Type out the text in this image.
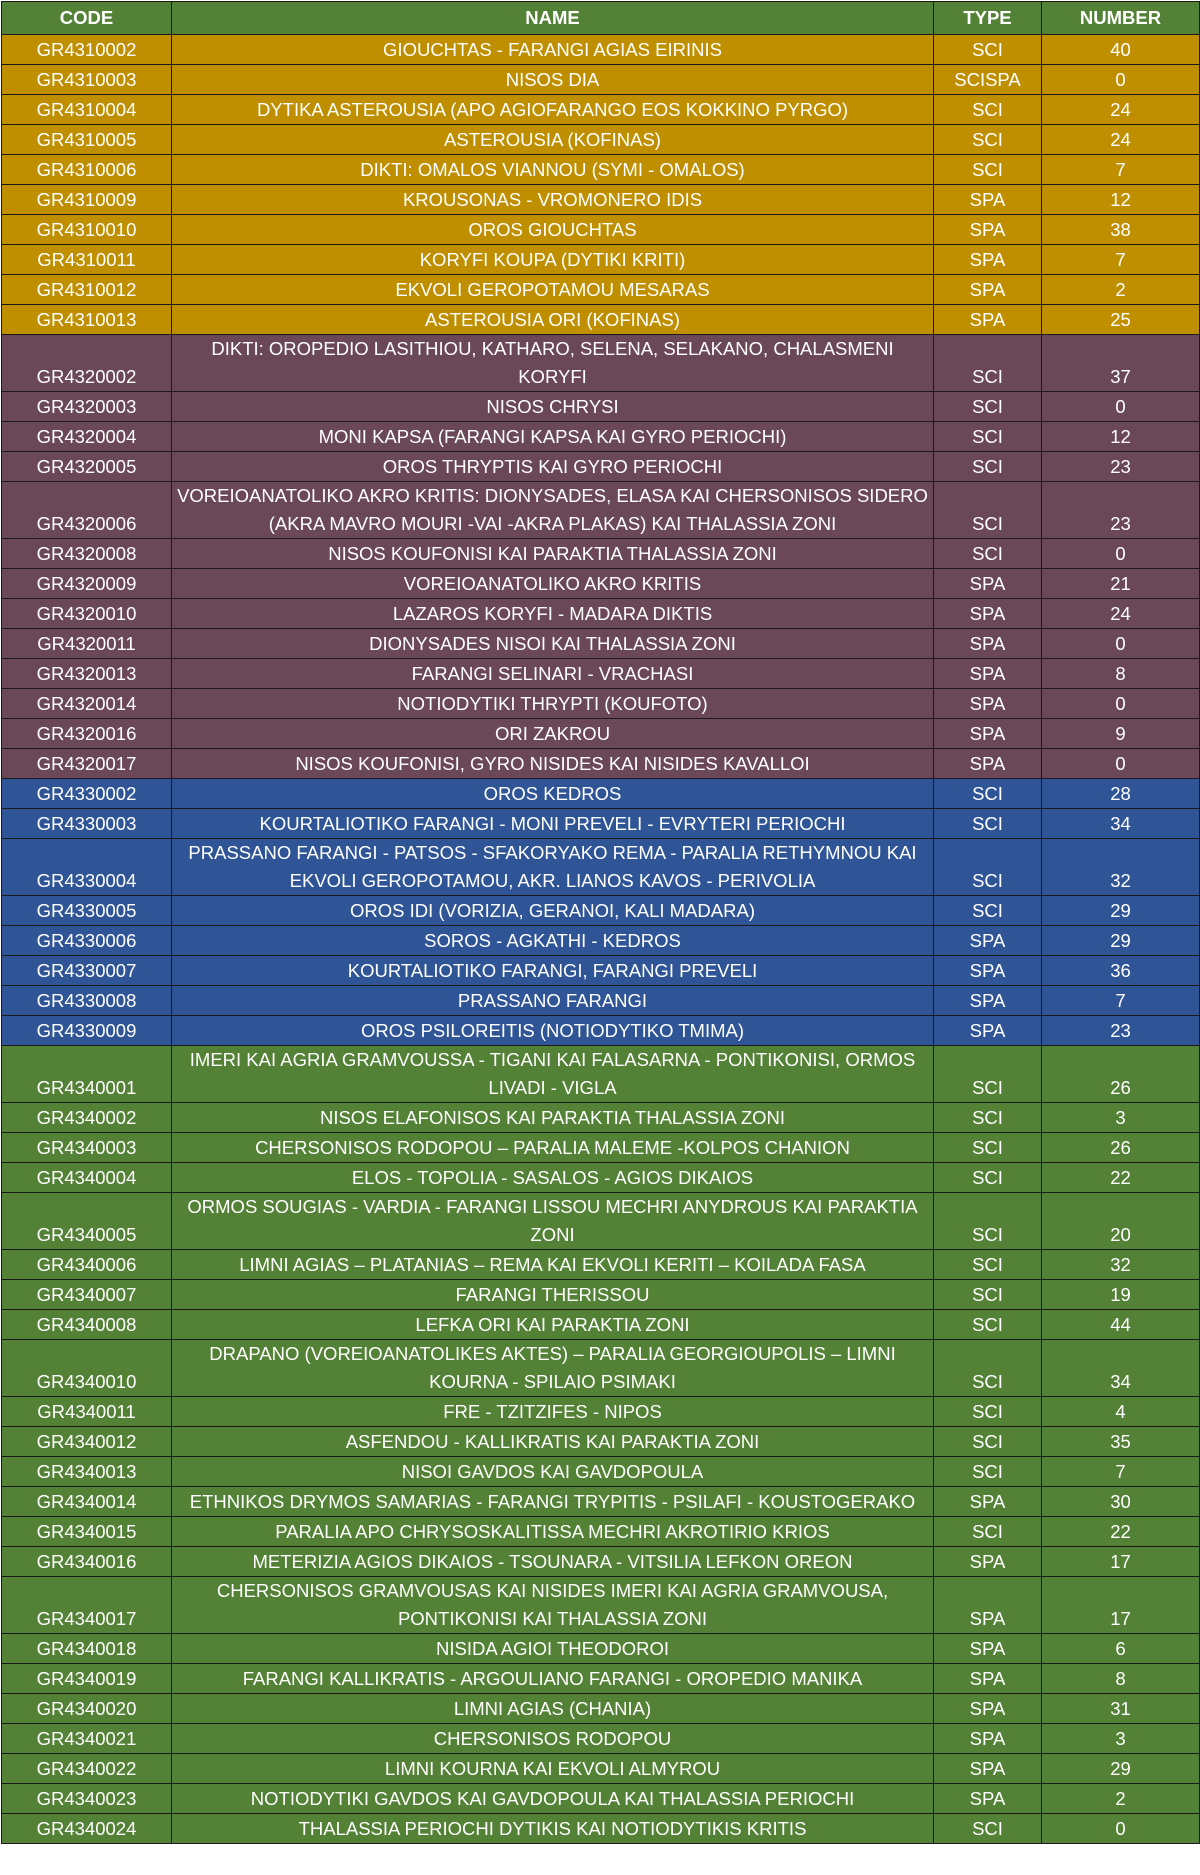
CODE	NAME	TYPE	NUMBER
GR4310002	GIOUCHTAS - FARANGI AGIAS EIRINIS	SCI	40
GR4310003	NISOS DIA	SCISPA	0
GR4310004	DYTIKA ASTEROUSIA (APO AGIOFARANGO EOS KOKKINO PYRGO)	SCI	24
GR4310005	ASTEROUSIA (KOFINAS)	SCI	24
GR4310006	DIKTI: OMALOS VIANNOU (SYMI - OMALOS)	SCI	7
GR4310009	KROUSONAS - VROMONERO IDIS	SPA	12
GR4310010	OROS GIOUCHTAS	SPA	38
GR4310011	KORYFI KOUPA (DYTIKI KRITI)	SPA	7
GR4310012	EKVOLI GEROPOTAMOU MESARAS	SPA	2
GR4310013	ASTEROUSIA ORI (KOFINAS)	SPA	25
GR4320002	DIKTI: OROPEDIO LASITHIOU, KATHARO, SELENA, SELAKANO, CHALASMENI KORYFI	SCI	37
GR4320003	NISOS CHRYSI	SCI	0
GR4320004	MONI KAPSA (FARANGI KAPSA KAI GYRO PERIOCHI)	SCI	12
GR4320005	OROS THRYPTIS KAI GYRO PERIOCHI	SCI	23
GR4320006	VOREIOANATOLIKO AKRO KRITIS: DIONYSADES, ELASA KAI CHERSONISOS SIDERO (AKRA MAVRO MOURI -VAI -AKRA PLAKAS) KAI THALASSIA ZONI	SCI	23
GR4320008	NISOS KOUFONISI KAI PARAKTIA THALASSIA ZONI	SCI	0
GR4320009	VOREIOANATOLIKO AKRO KRITIS	SPA	21
GR4320010	LAZAROS KORYFI - MADARA DIKTIS	SPA	24
GR4320011	DIONYSADES NISOI KAI THALASSIA ZONI	SPA	0
GR4320013	FARANGI SELINARI - VRACHASI	SPA	8
GR4320014	NOTIODYTIKI THRYPTI (KOUFOTO)	SPA	0
GR4320016	ORI ZAKROU	SPA	9
GR4320017	NISOS KOUFONISI, GYRO NISIDES KAI NISIDES KAVALLOI	SPA	0
GR4330002	OROS KEDROS	SCI	28
GR4330003	KOURTALIOTIKO FARANGI - MONI PREVELI - EVRYTERI PERIOCHI	SCI	34
GR4330004	PRASSANO FARANGI - PATSOS - SFAKORYAKO REMA - PARALIA RETHYMNOU KAI EKVOLI GEROPOTAMOU, AKR. LIANOS KAVOS - PERIVOLIA	SCI	32
GR4330005	OROS IDI (VORIZIA, GERANOI, KALI MADARA)	SCI	29
GR4330006	SOROS - AGKATHI - KEDROS	SPA	29
GR4330007	KOURTALIOTIKO FARANGI, FARANGI PREVELI	SPA	36
GR4330008	PRASSANO FARANGI	SPA	7
GR4330009	OROS PSILOREITIS (NOTIODYTIKO TMIMA)	SPA	23
GR4340001	IMERI KAI AGRIA GRAMVOUSSA - TIGANI KAI FALASARNA - PONTIKONISI, ORMOS LIVADI - VIGLA	SCI	26
GR4340002	NISOS ELAFONISOS KAI PARAKTIA THALASSIA ZONI	SCI	3
GR4340003	CHERSONISOS RODOPOU – PARALIA MALEME -KOLPOS CHANION	SCI	26
GR4340004	ELOS - TOPOLIA - SASALOS - AGIOS DIKAIOS	SCI	22
GR4340005	ORMOS SOUGIAS - VARDIA - FARANGI LISSOU MECHRI ANYDROUS KAI PARAKTIA ZONI	SCI	20
GR4340006	LIMNI AGIAS – PLATANIAS – REMA KAI EKVOLI KERITI – KOILADA FASA	SCI	32
GR4340007	FARANGI THERISSOU	SCI	19
GR4340008	LEFKA ORI KAI PARAKTIA ZONI	SCI	44
GR4340010	DRAPANO (VOREIOANATOLIKES AKTES) – PARALIA GEORGIOUPOLIS – LIMNI KOURNA - SPILAIO PSIMAKI	SCI	34
GR4340011	FRE - TZITZIFES - NIPOS	SCI	4
GR4340012	ASFENDOU - KALLIKRATIS KAI PARAKTIA ZONI	SCI	35
GR4340013	NISOI GAVDOS KAI GAVDOPOULA	SCI	7
GR4340014	ETHNIKOS DRYMOS SAMARIAS - FARANGI TRYPITIS - PSILAFI - KOUSTOGERAKO	SPA	30
GR4340015	PARALIA APO CHRYSOSKALITISSA MECHRI AKROTIRIO KRIOS	SCI	22
GR4340016	METERIZIA AGIOS DIKAIOS - TSOUNARA - VITSILIA LEFKON OREON	SPA	17
GR4340017	CHERSONISOS GRAMVOUSAS KAI NISIDES IMERI KAI AGRIA GRAMVOUSA, PONTIKONISI KAI THALASSIA ZONI	SPA	17
GR4340018	NISIDA AGIOI THEODOROI	SPA	6
GR4340019	FARANGI KALLIKRATIS - ARGOULIANO FARANGI - OROPEDIO MANIKA	SPA	8
GR4340020	LIMNI AGIAS (CHANIA)	SPA	31
GR4340021	CHERSONISOS RODOPOU	SPA	3
GR4340022	LIMNI KOURNA KAI EKVOLI ALMYROU	SPA	29
GR4340023	NOTIODYTIKI GAVDOS KAI GAVDOPOULA KAI THALASSIA PERIOCHI	SPA	2
GR4340024	THALASSIA PERIOCHI DYTIKIS KAI NOTIODYTIKIS KRITIS	SCI	0
